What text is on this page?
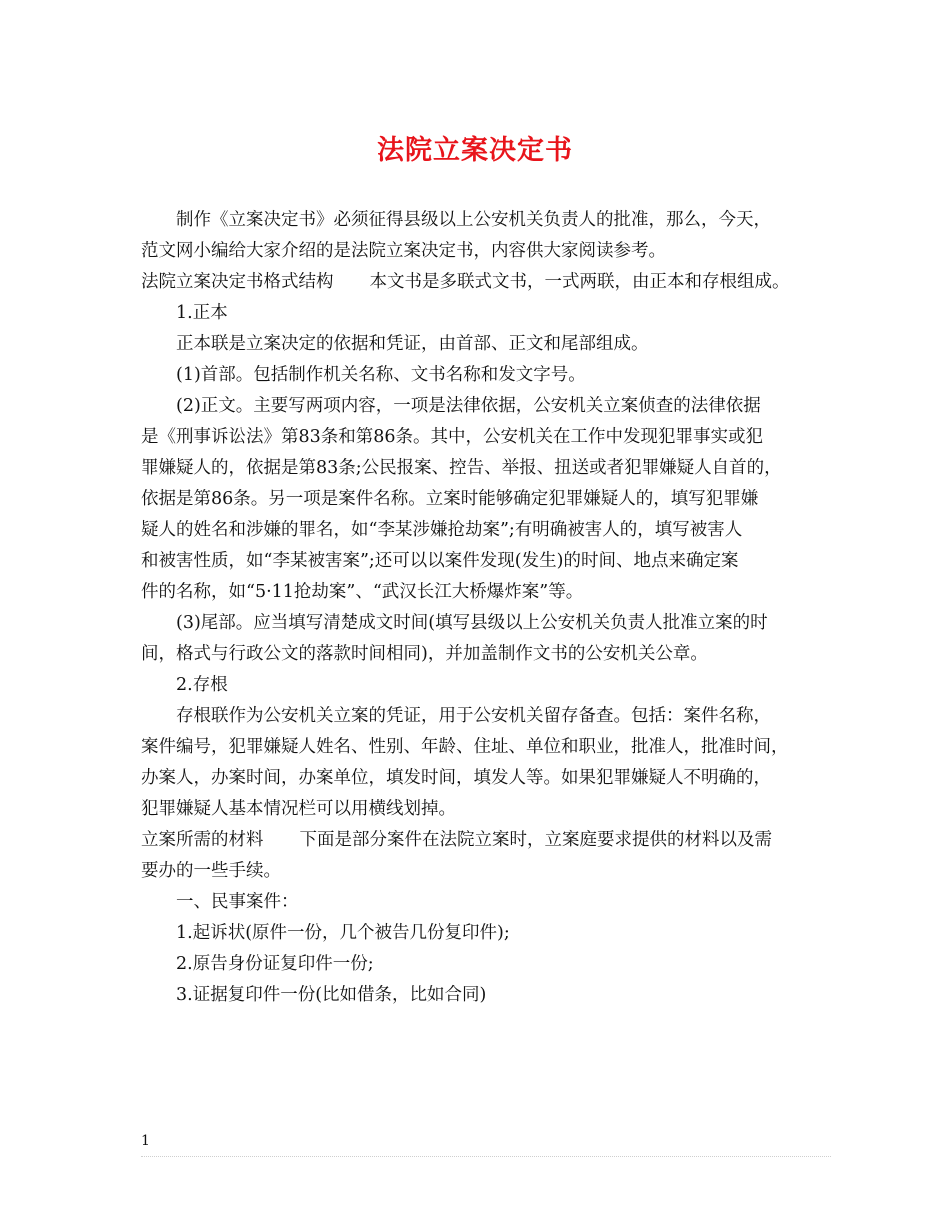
法院立案决定书
制作《立案决定书》必须征得县级以上公安机关负责人的批准，那么，今天，
范文网小编给大家介绍的是法院立案决定书，内容供大家阅读参考。
法院立案决定书格式结构 本文书是多联式文书，一式两联，由正本和存根组成。
1.正本
正本联是立案决定的依据和凭证，由首部、正文和尾部组成。
(1)首部。包括制作机关名称、文书名称和发文字号。
(2)正文。主要写两项内容，一项是法律依据，公安机关立案侦查的法律依据
是《刑事诉讼法》第83条和第86条。其中，公安机关在工作中发现犯罪事实或犯
罪嫌疑人的，依据是第83条;公民报案、控告、举报、扭送或者犯罪嫌疑人自首的，
依据是第86条。另一项是案件名称。立案时能够确定犯罪嫌疑人的，填写犯罪嫌
疑人的姓名和涉嫌的罪名，如“李某涉嫌抢劫案”;有明确被害人的，填写被害人
和被害性质，如“李某被害案”;还可以以案件发现(发生)的时间、地点来确定案
件的名称，如“5·11抢劫案”、“武汉长江大桥爆炸案”等。
(3)尾部。应当填写清楚成文时间(填写县级以上公安机关负责人批准立案的时
间，格式与行政公文的落款时间相同)，并加盖制作文书的公安机关公章。
2.存根
存根联作为公安机关立案的凭证，用于公安机关留存备查。包括：案件名称，
案件编号，犯罪嫌疑人姓名、性别、年龄、住址、单位和职业，批准人，批准时间，
办案人，办案时间，办案单位，填发时间，填发人等。如果犯罪嫌疑人不明确的，
犯罪嫌疑人基本情况栏可以用横线划掉。
立案所需的材料 下面是部分案件在法院立案时，立案庭要求提供的材料以及需
要办的一些手续。
一、民事案件：
1.起诉状(原件一份，几个被告几份复印件);
2.原告身份证复印件一份;
3.证据复印件一份(比如借条，比如合同)
1
